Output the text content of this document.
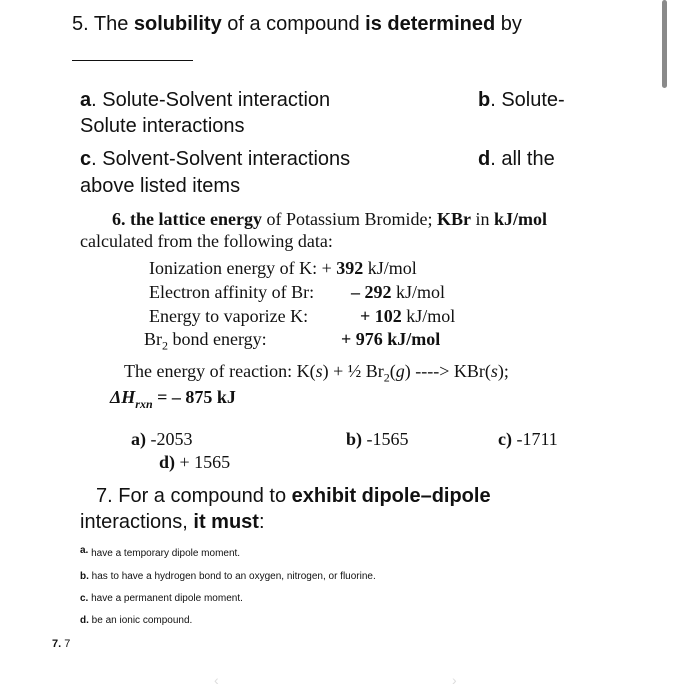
5. The solubility of a compound is determined by
a. Solute-Solvent interaction	b. Solute-
Solute interactions
c. Solvent-Solvent interactions	d. all the
above listed items
6. the lattice energy of Potassium Bromide; KBr in kJ/mol
calculated from the following data:
Ionization energy of K: + 392 kJ/mol
Electron affinity of Br: – 292 kJ/mol
Energy to vaporize K:	+ 102 kJ/mol
$Br_2$ bond energy:	+ 976 kJ/mol
The energy of reaction: K(s) + ½ $Br_2(g)$ ----> KBr(s);
$\Delta H_{rxn}$ = – 875 kJ
a) -2053	b) -1565	c) -1711
d) + 1565
7. For a compound to exhibit dipole–dipole
interactions, it must:
a. have a temporary dipole moment.
b. has to have a hydrogen bond to an oxygen, nitrogen, or fluorine.
c. have a permanent dipole moment.
d. be an ionic compound.
7. 7
‹	›
